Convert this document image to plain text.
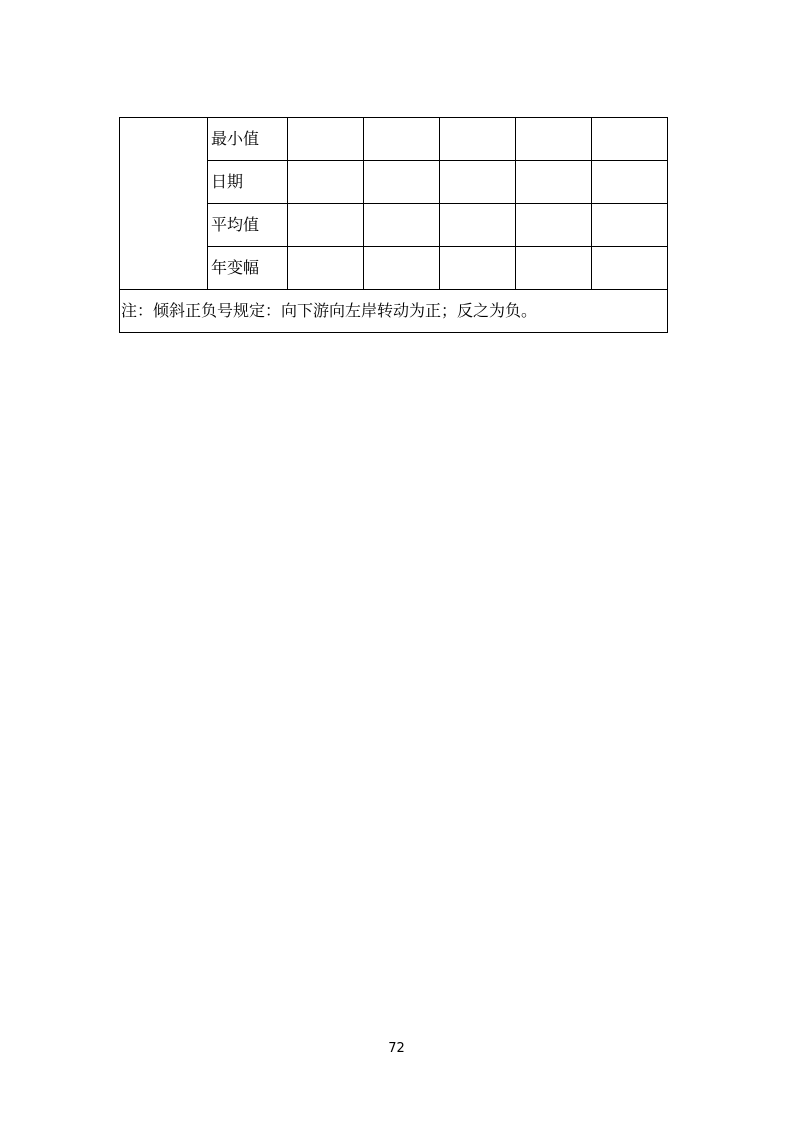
	最小值					
	日期					
	平均值					
	年变幅					
注：倾斜正负号规定：向下游向左岸转动为正；反之为负。						
72
